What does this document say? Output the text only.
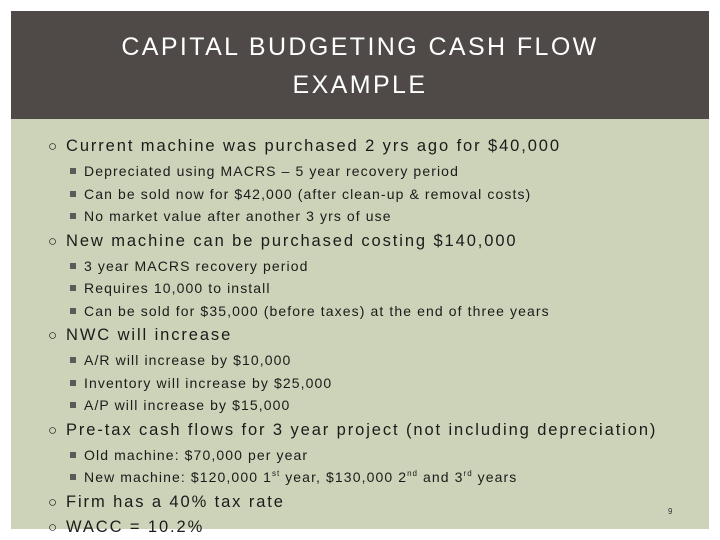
CAPITAL BUDGETING CASH FLOW
EXAMPLE
○ Current machine was purchased 2 yrs ago for $40,000
Depreciated using MACRS – 5 year recovery period
Can be sold now for $42,000 (after clean-up & removal costs)
No market value after another 3 yrs of use
○ New machine can be purchased costing $140,000
3 year MACRS recovery period
Requires 10,000 to install
Can be sold for $35,000 (before taxes) at the end of three years
○ NWC will increase
A/R will increase by $10,000
Inventory will increase by $25,000
A/P will increase by $15,000
○ Pre-tax cash flows for 3 year project (not including depreciation)
Old machine: $70,000 per year
New machine: $120,000 1st year, $130,000 2nd and 3rd years
○ Firm has a 40% tax rate
○ WACC = 10.2%
9
